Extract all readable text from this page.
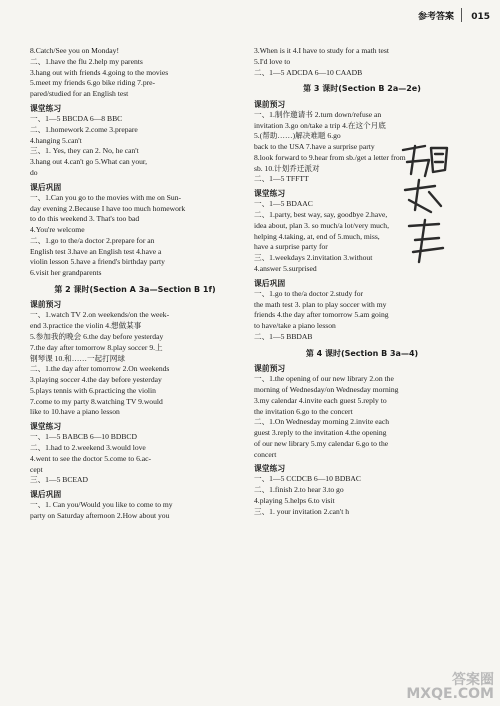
参考答案 015
8.Catch/See you on Monday!
二、1.have the flu 2.help my parents
3.hang out with friends 4.going to the movies
5.meet my friends 6.go bike riding 7.pre-
pared/studied for an English test
课堂练习
一、1—5 BBCDA 6—8 BBC
二、1.homework 2.come 3.prepare
4.hanging 5.can't
三、1. Yes, they can 2. No, he can't
3.hang out 4.can't go 5.What can your,
do
课后巩固
一、1.Can you go to the movies with me on Sun-
day evening 2.Because I have too much homework
to do this weekend 3. That's too bad
4.You're welcome
二、1.go to the/a doctor 2.prepare for an
English test 3.have an English test 4.have a
violin lesson 5.have a friend's birthday party
6.visit her grandparents
第 2 课时(Section A 3a—Section B 1f)
课前预习
一、1.watch TV 2.on weekends/on the week-
end 3.practice the violin 4.想做某事
5.参加我的晚会 6.the day before yesterday
7.the day after tomorrow 8.play soccer 9.上
钢琴课 10.和……一起打网球
二、1.the day after tomorrow 2.On weekends
3.playing soccer 4.the day before yesterday
5.plays tennis with 6.practicing the violin
7.come to my party 8.watching TV 9.would
like to 10.have a piano lesson
课堂练习
一、1—5 BABCB 6—10 BDBCD
二、1.had to 2.weekend 3.would love
4.went to see the doctor 5.come to 6.ac-
cept
三、1—5 BCEAD
课后巩固
一、1. Can you/Would you like to come to my
party on Saturday afternoon 2.How about you
3.When is it 4.I have to study for a math test
5.I'd love to
二、1—5 ADCDA 6—10 CAADB
第 3 课时(Section B 2a—2e)
课前预习
一、1.制作邀请书 2.turn down/refuse an
invitation 3.go on/take a trip 4.在这个月底
5.(帮助……)解决难题 6.go
back to the USA 7.have a surprise party
8.look forward to 9.hear from sb./get a letter from
sb. 10.计划乔迁派对
二、1—5 TFFTT
课堂练习
一、1—5 BDAAC
二、1.party, best way, say, goodbye 2.have,
idea about, plan 3. so much/a lot/very much,
helping 4.taking, at, end of 5.much, miss,
have a surprise party for
三、1.weekdays 2.invitation 3.without
4.answer 5.surprised
课后巩固
一、1.go to the/a doctor 2.study for
the math test 3. plan to play soccer with my
friends 4.the day after tomorrow 5.am going
to have/take a piano lesson
二、1—5 BBDAB
第 4 课时(Section B 3a—4)
课前预习
一、1.the opening of our new library 2.on the
morning of Wednesday/on Wednesday morning
3.my calendar 4.invite each guest 5.reply to
the invitation 6.go to the concert
二、1.On Wednesday morning 2.invite each
guest 3.reply to the invitation 4.the opening
of our new library 5.my calendar 6.go to the
concert
课堂练习
一、1—5 CCDCB 6—10 BDBAC
二、1.finish 2.to hear 3.to go
4.playing 5.helps 6.to visit
三、1. your invitation 2.can't h
答案圈
MXQE.COM
